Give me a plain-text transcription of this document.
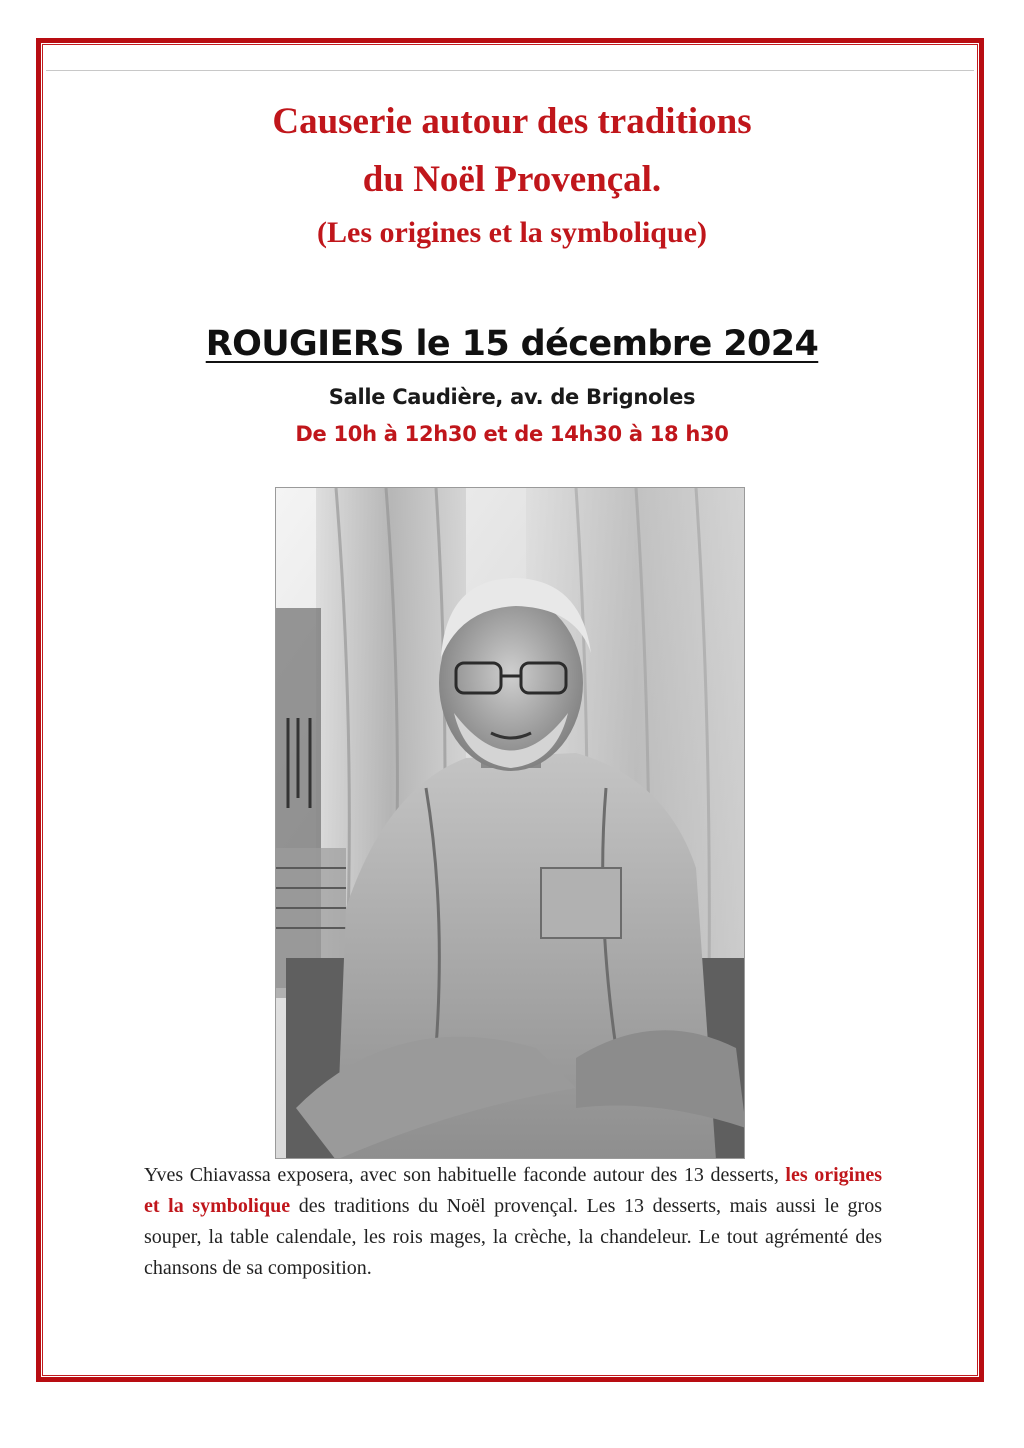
Causerie autour des traditions
du Noël Provençal.
(Les origines et la symbolique)
ROUGIERS le 15 décembre 2024
Salle Caudière, av. de Brignoles
De 10h à 12h30 et de 14h30 à 18 h30

Yves Chiavassa exposera, avec son habituelle faconde autour des 13 desserts, les origines et la symbolique des traditions du Noël provençal. Les 13 desserts, mais aussi le gros souper, la table calendale, les rois mages, la crèche, la chandeleur. Le tout agrémenté des chansons de sa composition.
